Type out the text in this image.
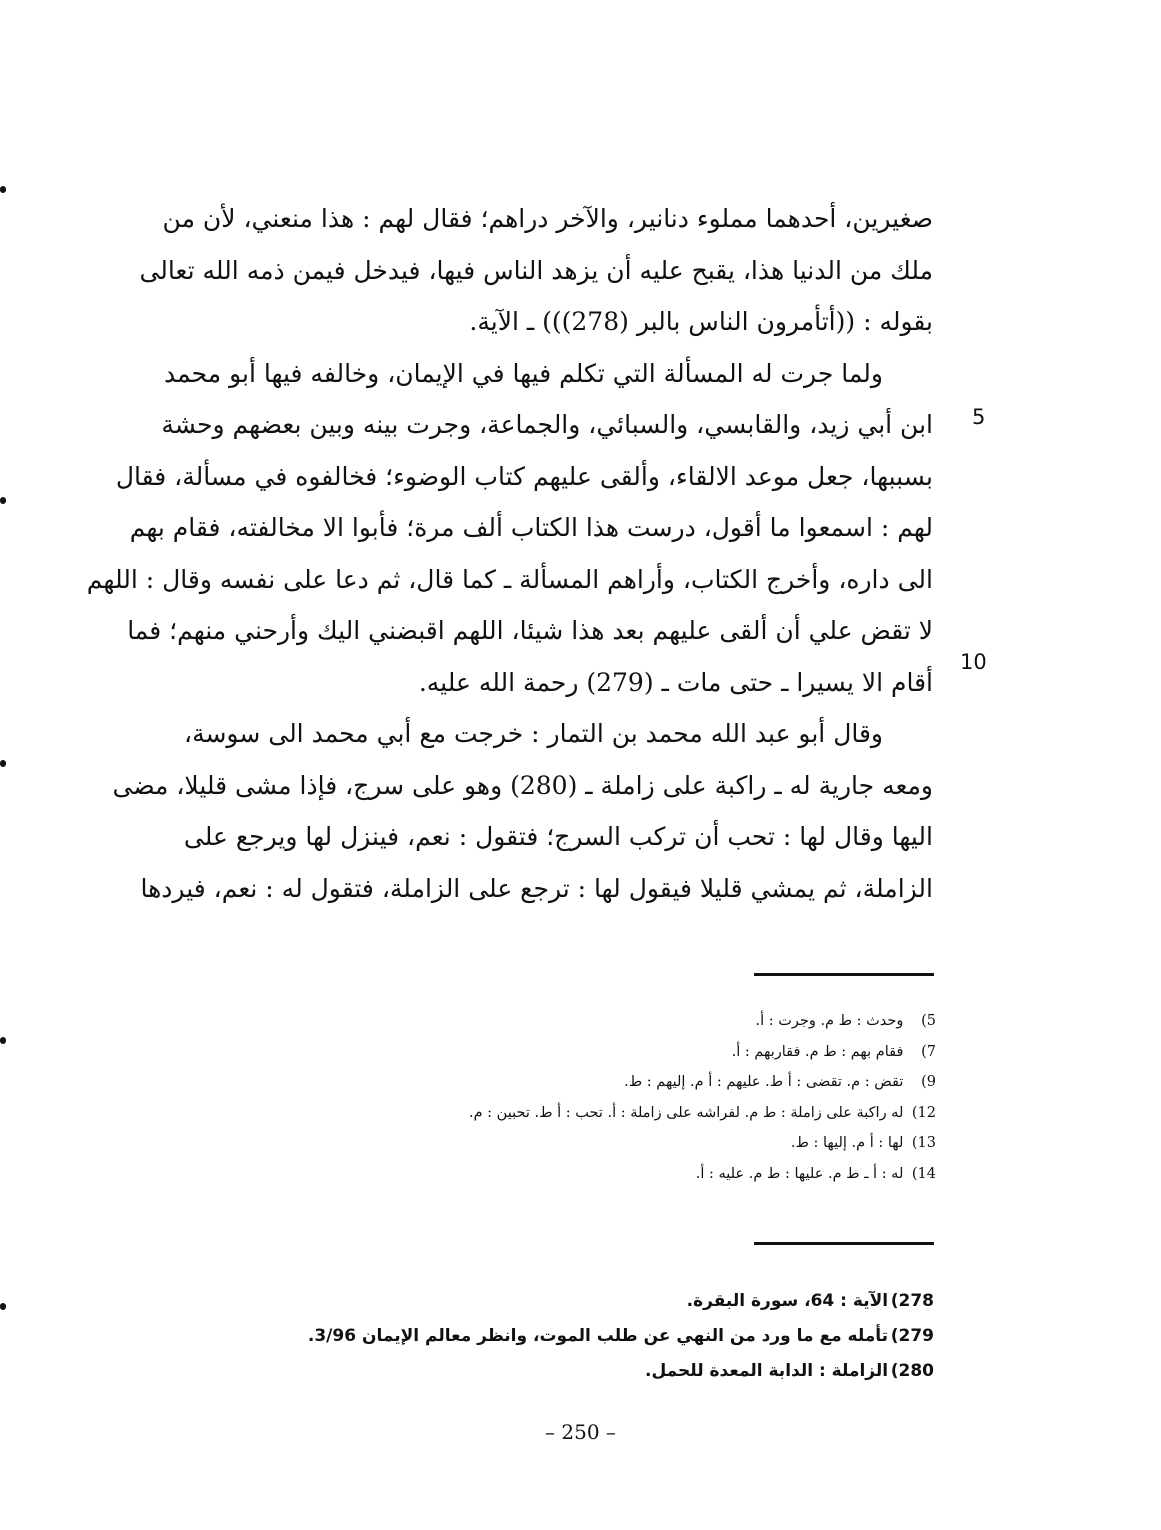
صغيرين، أحدهما مملوء دنانير، والآخر دراهم؛ فقال لهم : هذا منعني، لأن من
ملك من الدنيا هذا، يقبح عليه أن يزهد الناس فيها، فيدخل فيمن ذمه الله تعالى
بقوله : ((أتأمرون الناس بالبر (278))) ـ الآية.
ولما جرت له المسألة التي تكلم فيها في الإيمان، وخالفه فيها أبو محمد
ابن أبي زيد، والقابسي، والسبائي، والجماعة، وجرت بينه وبين بعضهم وحشة
بسببها، جعل موعد الالقاء، وألقى عليهم كتاب الوضوء؛ فخالفوه في مسألة، فقال
لهم : اسمعوا ما أقول، درست هذا الكتاب ألف مرة؛ فأبوا الا مخالفته، فقام بهم
الى داره، وأخرج الكتاب، وأراهم المسألة ـ كما قال، ثم دعا على نفسه وقال : اللهم
لا تقض علي أن ألقى عليهم بعد هذا شيئا، اللهم اقبضني اليك وأرحني منهم؛ فما
أقام الا يسيرا ـ حتى مات ـ (279) رحمة الله عليه.
وقال أبو عبد الله محمد بن التمار : خرجت مع أبي محمد الى سوسة،
ومعه جارية له ـ راكبة على زاملة ـ (280) وهو على سرج، فإذا مشى قليلا، مضى
اليها وقال لها : تحب أن تركب السرج؛ فتقول : نعم، فينزل لها ويرجع على
الزاملة، ثم يمشي قليلا فيقول لها : ترجع على الزاملة، فتقول له : نعم، فيردها
5
10
5) وحدث : ط م. وجرت : أ.
7) فقام بهم : ط م. فقاربهم : أ.
9) تقض : م. تقضى : أ ط. عليهم : أ م. إليهم : ط.
12) له راكبة على زاملة : ط م. لفراشه على زاملة : أ. تحب : أ ط. تحبين : م.
13) لها : أ م. إليها : ط.
14) له : أ ـ ط م. عليها : ط م. عليه : أ.
278) الآية : 64، سورة البقرة.
279) تأمله مع ما ورد من النهي عن طلب الموت، وانظر معالم الإيمان 3/96.
280) الزاملة : الدابة المعدة للحمل.
– 250 –
